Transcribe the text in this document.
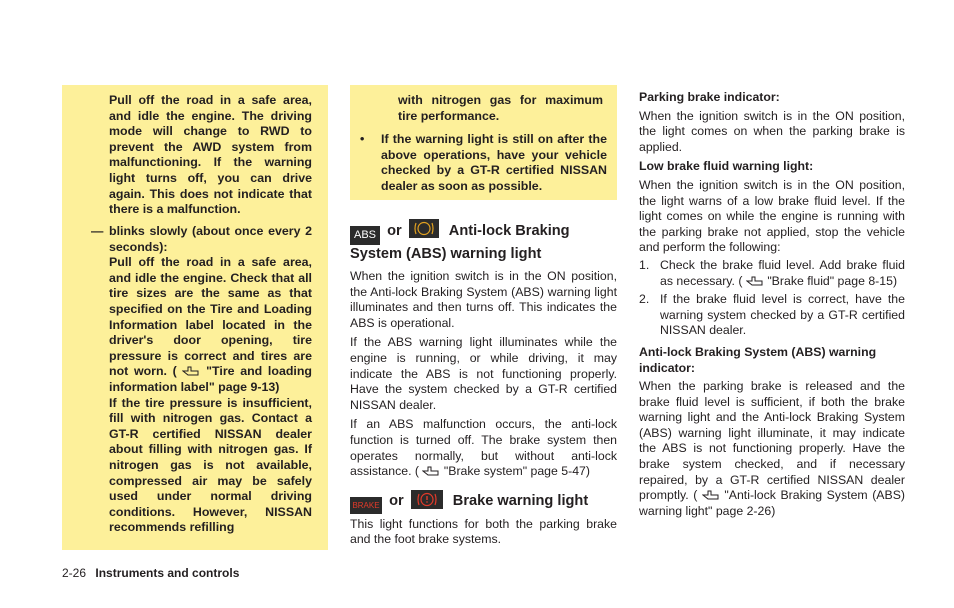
Pull off the road in a safe area, and idle the engine. The driving mode will change to RWD to prevent the AWD system from malfunctioning. If the warning light turns off, you can drive again. This does not indicate that there is a malfunction.

— blinks slowly (about once every 2 seconds):

Pull off the road in a safe area, and idle the engine. Check that all tire sizes are the same as that specified on the Tire and Loading Information label located in the driver's door opening, tire pressure is correct and tires are not worn. ( "Tire and loading information label" page 9-13)

If the tire pressure is insufficient, fill with nitrogen gas. Contact a GT-R certified NISSAN dealer about filling with nitrogen gas. If nitrogen gas is not available, compressed air may be safely used under normal driving conditions. However, NISSAN recommends refilling

with nitrogen gas for maximum tire performance.
•	If the warning light is still on after the above operations, have your vehicle checked by a GT-R certified NISSAN dealer as soon as possible.
ABS or	Anti-lock Braking
System (ABS) warning light

When the ignition switch is in the ON position, the Anti-lock Braking System (ABS) warning light illuminates and then turns off. This indicates the ABS is operational.

If the ABS warning light illuminates while the engine is running, or while driving, it may indicate the ABS is not functioning properly. Have the system checked by a GT-R certified NISSAN dealer.

If an ABS malfunction occurs, the anti-lock function is turned off. The brake system then operates normally, but without anti-lock assistance. ( "Brake system" page 5-47)

BRAKE or	Brake warning light

This light functions for both the parking brake and the foot brake systems.

Parking brake indicator:

When the ignition switch is in the ON position, the light comes on when the parking brake is applied.

Low brake fluid warning light:

When the ignition switch is in the ON position, the light warns of a low brake fluid level. If the light comes on while the engine is running with the parking brake not applied, stop the vehicle and perform the following:

1. Check the brake fluid level. Add brake fluid as necessary. ( "Brake fluid" page 8-15)
2. If the brake fluid level is correct, have the warning system checked by a GT-R certified NISSAN dealer.
Anti-lock Braking System (ABS) warning indicator:
When the parking brake is released and the brake fluid level is sufficient, if both the brake warning light and the Anti-lock Braking System (ABS) warning light illuminate, it may indicate the ABS is not functioning properly. Have the brake system checked, and if necessary repaired, by a GT-R certified NISSAN dealer promptly. ( "Anti-lock Braking System (ABS) warning light" page 2-26)
2-26 Instruments and controls
